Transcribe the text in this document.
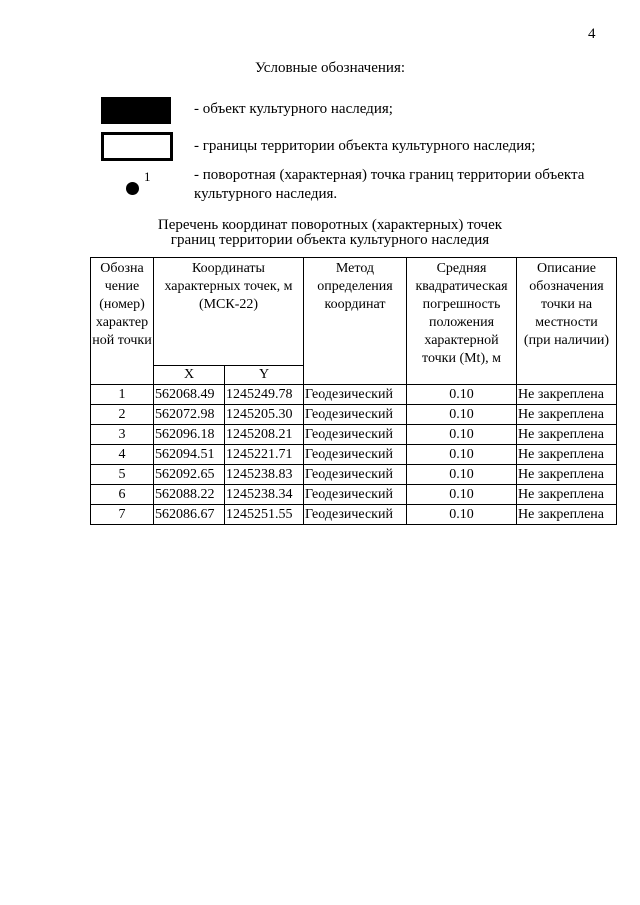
4
Условные обозначения:
- объект культурного наследия;
- границы территории объекта культурного наследия;
1	- поворотная (характерная) точка границ территории объекта культурного наследия.
Перечень координат поворотных (характерных) точек
границ территории объекта культурного наследия
Обозна чение (номер) характер ной точки	Координаты характерных точек, м (МСК-22)		Метод определения координат	Средняя квадратическая погрешность положения характерной точки (Mt), м	Описание обозначения точки на местности (при наличии)

	X	Y			
1	562068.49	1245249.78	Геодезический	0.10	Не закреплена
2	562072.98	1245205.30	Геодезический	0.10	Не закреплена
3	562096.18	1245208.21	Геодезический	0.10	Не закреплена
4	562094.51	1245221.71	Геодезический	0.10	Не закреплена
5	562092.65	1245238.83	Геодезический	0.10	Не закреплена
6	562088.22	1245238.34	Геодезический	0.10	Не закреплена
7	562086.67	1245251.55	Геодезический	0.10	Не закреплена
